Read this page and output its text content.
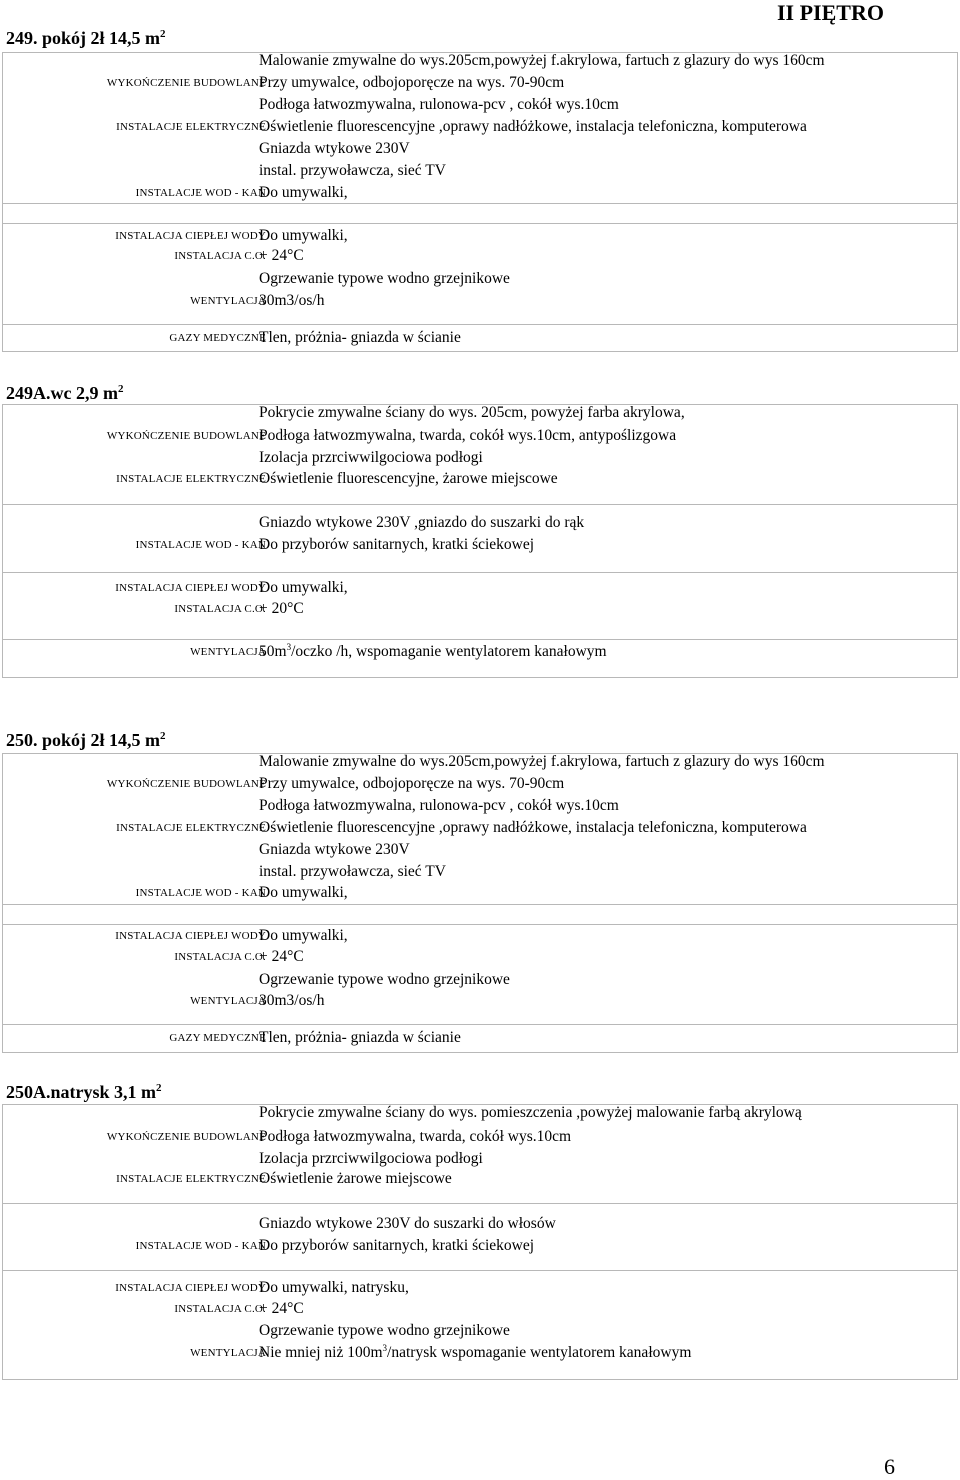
II PIĘTRO
249. pokój 2ł 14,5 $m^2$
Malowanie zmywalne do wys.205cm,powyżej f.akrylowa, fartuch z glazury do wys 160cm
WYKOŃCZENIE BUDOWLANE
Przy umywalce, odbojoporęcze na wys. 70-90cm
Podłoga łatwozmywalna, rulonowa-pcv , cokół wys.10cm
INSTALACJE ELEKTRYCZNE
Oświetlenie fluorescencyjne ,oprawy nadłóżkowe, instalacja telefoniczna, komputerowa
Gniazda wtykowe 230V
instal. przywoławcza, sieć TV
INSTALACJE WOD - KAN
Do umywalki,
INSTALACJA CIEPŁEJ WODY
Do umywalki,
INSTALACJA C.O.
+ 24°C
Ogrzewanie typowe wodno grzejnikowe
WENTYLACJA
30m3/os/h
GAZY MEDYCZNE
Tlen, próżnia- gniazda w ścianie
249A.wc 2,9 $m^2$
Pokrycie zmywalne ściany do wys. 205cm, powyżej farba akrylowa,
WYKOŃCZENIE BUDOWLANE
Podłoga łatwozmywalna, twarda, cokół wys.10cm, antypoślizgowa
Izolacja przrciwwilgociowa podłogi
INSTALACJE ELEKTRYCZNE
Oświetlenie fluorescencyjne, żarowe miejscowe
Gniazdo wtykowe 230V ,gniazdo do suszarki do rąk
INSTALACJE WOD - KAN
Do przyborów sanitarnych, kratki ściekowej
INSTALACJA CIEPŁEJ WODY
Do umywalki,
INSTALACJA C.O.
+ 20°C
WENTYLACJA
$50m^3$/oczko /h, wspomaganie wentylatorem kanałowym
250. pokój 2ł 14,5 $m^2$
Malowanie zmywalne do wys.205cm,powyżej f.akrylowa, fartuch z glazury do wys 160cm
WYKOŃCZENIE BUDOWLANE
Przy umywalce, odbojoporęcze na wys. 70-90cm
Podłoga łatwozmywalna, rulonowa-pcv , cokół wys.10cm
INSTALACJE ELEKTRYCZNE
Oświetlenie fluorescencyjne ,oprawy nadłóżkowe, instalacja telefoniczna, komputerowa
Gniazda wtykowe 230V
instal. przywoławcza, sieć TV
INSTALACJE WOD - KAN
Do umywalki,
INSTALACJA CIEPŁEJ WODY
Do umywalki,
INSTALACJA C.O.
+ 24°C
Ogrzewanie typowe wodno grzejnikowe
WENTYLACJA
30m3/os/h
GAZY MEDYCZNE
Tlen, próżnia- gniazda w ścianie
250A.natrysk 3,1 $m^2$
Pokrycie zmywalne ściany do wys. pomieszczenia ,powyżej malowanie farbą akrylową
WYKOŃCZENIE BUDOWLANE
Podłoga łatwozmywalna, twarda, cokół wys.10cm
Izolacja przrciwwilgociowa podłogi
INSTALACJE ELEKTRYCZNE
Oświetlenie żarowe miejscowe
Gniazdo wtykowe 230V do suszarki do włosów
INSTALACJE WOD - KAN
Do przyborów sanitarnych, kratki ściekowej
INSTALACJA CIEPŁEJ WODY
Do umywalki, natrysku,
INSTALACJA C.O.
+ 24°C
Ogrzewanie typowe wodno grzejnikowe
WENTYLACJA
Nie mniej niż $100m^3$/natrysk wspomaganie wentylatorem kanałowym
6
